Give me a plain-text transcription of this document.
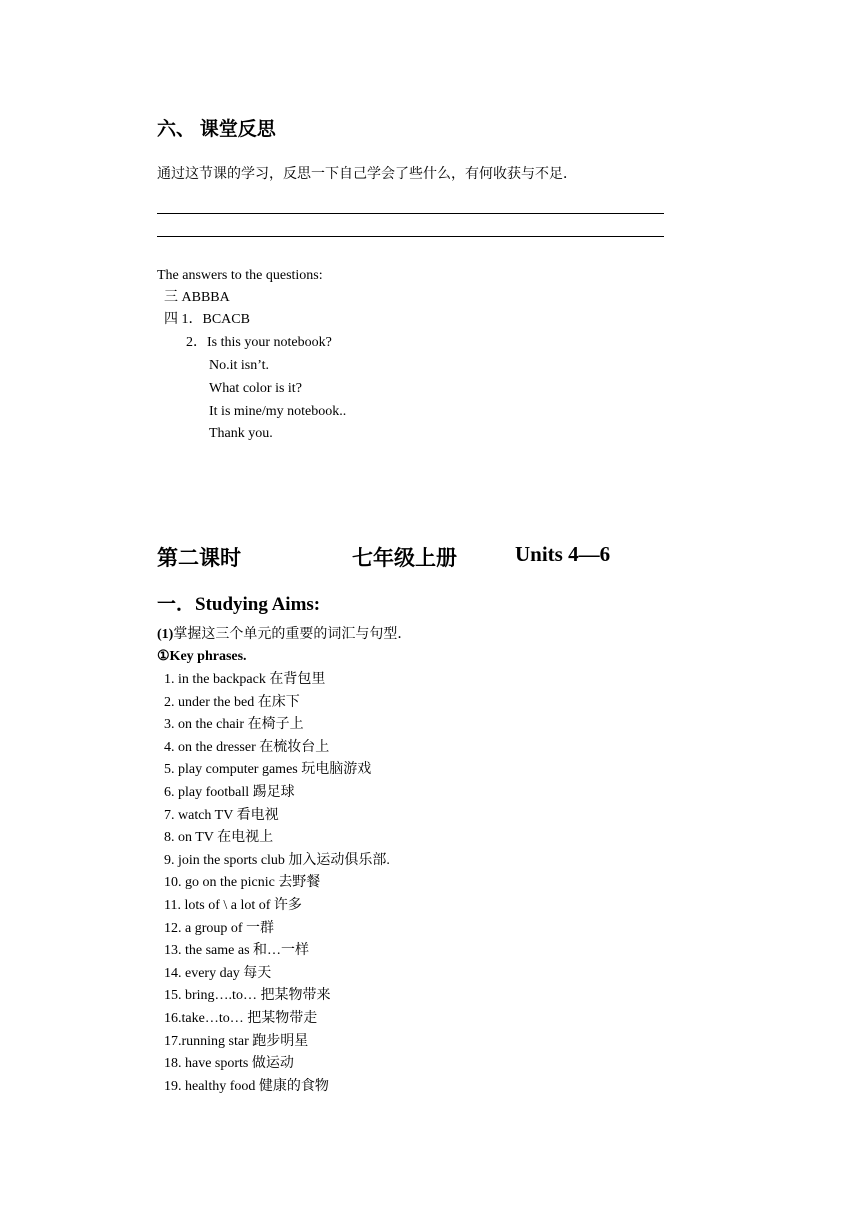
六、 课堂反思
通过这节课的学习，反思一下自己学会了些什么，有何收获与不足．
The answers to the questions:
三 ABBBA
四 1．BCACB
2．Is this your notebook?
No.it isn’t.
What color is it?
It is mine/my notebook..
Thank you.
第二课时	七年级上册	Units 4—6
一．Studying Aims:
(1)掌握这三个单元的重要的词汇与句型．
①Key phrases.
1. in the backpack 在背包里
2. under the bed 在床下
3. on the chair 在椅子上
4. on the dresser 在梳妆台上
5. play computer games 玩电脑游戏
6. play football 踢足球
7. watch TV 看电视
8. on TV 在电视上
9. join the sports club 加入运动俱乐部.
10. go on the picnic 去野餐
11. lots of \ a lot of 许多
12. a group of 一群
13. the same as 和…一样
14. every day 每天
15. bring….to… 把某物带来
16.take…to… 把某物带走
17.running star 跑步明星
18. have sports 做运动
19. healthy food 健康的食物
